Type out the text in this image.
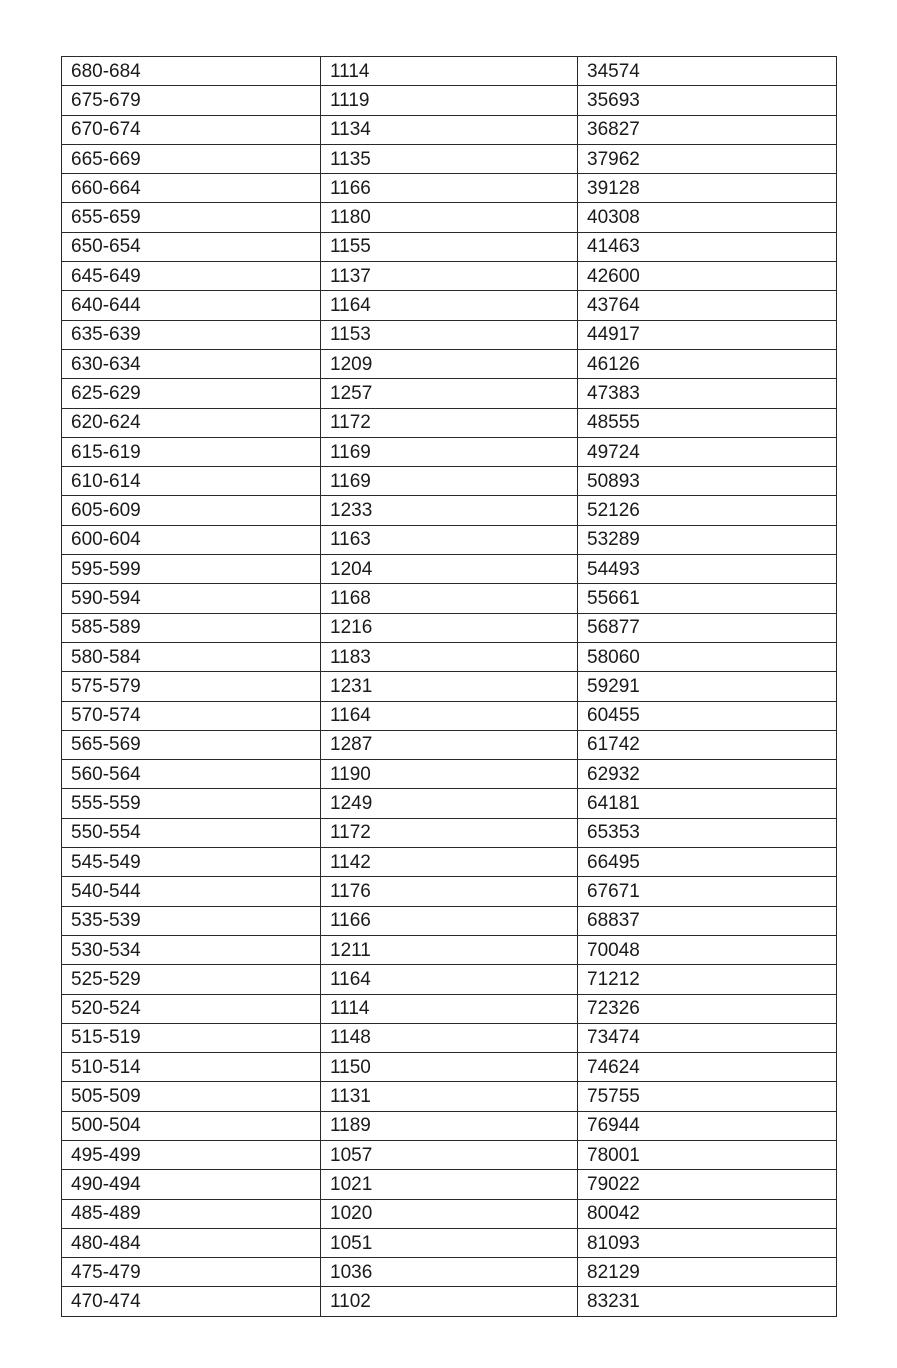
680-684	1114	34574
675-679	1119	35693
670-674	1134	36827
665-669	1135	37962
660-664	1166	39128
655-659	1180	40308
650-654	1155	41463
645-649	1137	42600
640-644	1164	43764
635-639	1153	44917
630-634	1209	46126
625-629	1257	47383
620-624	1172	48555
615-619	1169	49724
610-614	1169	50893
605-609	1233	52126
600-604	1163	53289
595-599	1204	54493
590-594	1168	55661
585-589	1216	56877
580-584	1183	58060
575-579	1231	59291
570-574	1164	60455
565-569	1287	61742
560-564	1190	62932
555-559	1249	64181
550-554	1172	65353
545-549	1142	66495
540-544	1176	67671
535-539	1166	68837
530-534	1211	70048
525-529	1164	71212
520-524	1114	72326
515-519	1148	73474
510-514	1150	74624
505-509	1131	75755
500-504	1189	76944
495-499	1057	78001
490-494	1021	79022
485-489	1020	80042
480-484	1051	81093
475-479	1036	82129
470-474	1102	83231
